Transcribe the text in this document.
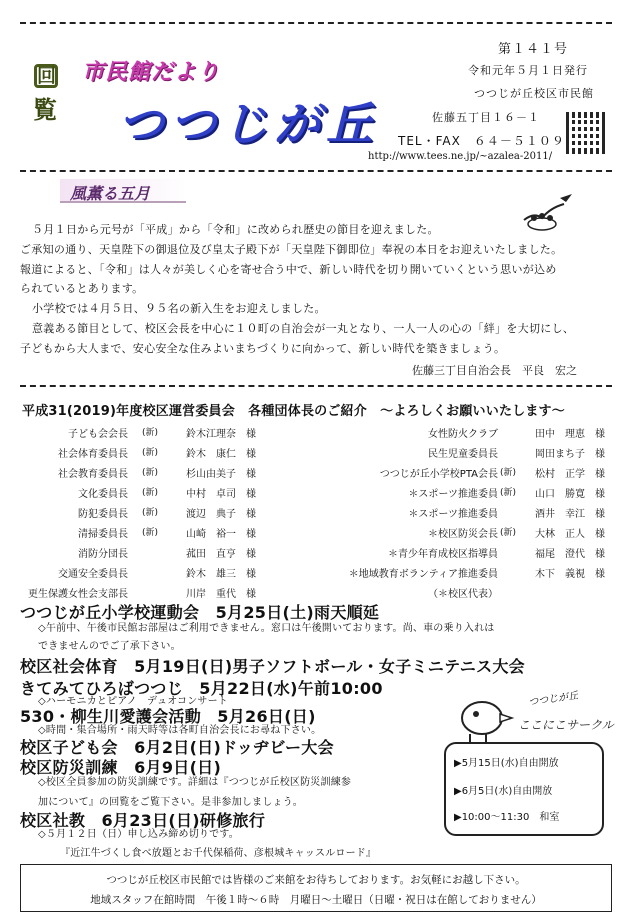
回
覧
市民館だより
つつじが丘
第１４１号
令和元年５月１日発行
つつじが丘校区市民館
佐藤五丁目１６－１
TEL・FAX　６４－５１０９
http://www.tees.ne.jp/~azalea-2011/
風薫る五月
５月１日から元号が「平成」から「令和」に改められ歴史の節目を迎えました。
ご承知の通り、天皇陛下の御退位及び皇太子殿下が「天皇陛下御即位」奉祝の本日をお迎えいたしました。
報道によると、「令和」は人々が美しく心を寄せ合う中で、新しい時代を切り開いていくという思いが込め
られているとあります。
小学校では４月５日、９５名の新入生をお迎えしました。
意義ある節目として、校区会長を中心に１０町の自治会が一丸となり、一人一人の心の「絆」を大切にし、
子どもから大人まで、安心安全な住みよいまちづくりに向かって、新しい時代を築きましょう。
佐藤三丁目自治会長　平良　宏之
平成31(2019)年度校区運営委員会　各種団体長のご紹介　～よろしくお願いいたします～
子ども会会長 (新)	鈴木江理奈 様	女性防火クラブ	田中　理恵 様
社会体育委員長 (新)	鈴木　康仁 様	民生児童委員長	岡田まち子 様
社会教育委員長 (新)	杉山由美子 様	つつじが丘小学校PTA会長 (新) 松村　正学 様
文化委員長 (新)	中村　卓司 様	＊スポーツ推進委員 (新) 山口　勝寛 様
防犯委員長 (新)	渡辺　典子 様	＊スポーツ推進委員	酒井　幸江 様
清掃委員長 (新)	山崎　裕一 様	＊校区防災会長 (新) 大林　正人 様
消防分団長	菰田　直亨 様	＊青少年育成校区指導員	福尾　澄代 様
交通安全委員長	鈴木　雄三 様	＊地域教育ボランティア推進委員	木下　義視 様
更生保護女性会支部長	川岸　重代 様	（＊校区代表）
つつじが丘小学校運動会　5月25日(土)雨天順延
◇午前中、午後市民館お部屋はご利用できません。窓口は午後開いております。尚、車の乗り入れは
できませんのでご了承下さい。
校区社会体育　5月19日(日)男子ソフトボール・女子ミニテニス大会
きてみてひろばつつじ　5月22日(水)午前10:00
◇ハーモニカとピアノ　デュオコンサート
530・柳生川愛護会活動　5月26日(日)
◇時間・集合場所・雨天時等は各町自治会長にお尋ね下さい。
校区子ども会　6月2日(日)ドッヂビー大会
校区防災訓練　6月9日(日)
◇校区全員参加の防災訓練です。詳細は『つつじが丘校区防災訓練参
加について』の回覧をご覧下さい。是非参加しましょう。
校区社教　6月23日(日)研修旅行
◇５月１２日（日）申し込み締め切りです。
『近江牛づくし食べ放題とお千代保稲荷、彦根城キャッスルロード』
つつじが丘
ここにこサークル
▶5月15日(水)自由開放
▶6月5日(水)自由開放
▶10:00～11:30　和室
つつじが丘校区市民館では皆様のご来館をお待ちしております。お気軽にお越し下さい。
地域スタッフ在館時間　午後１時～６時　月曜日～土曜日（日曜・祝日は在館しておりません）
